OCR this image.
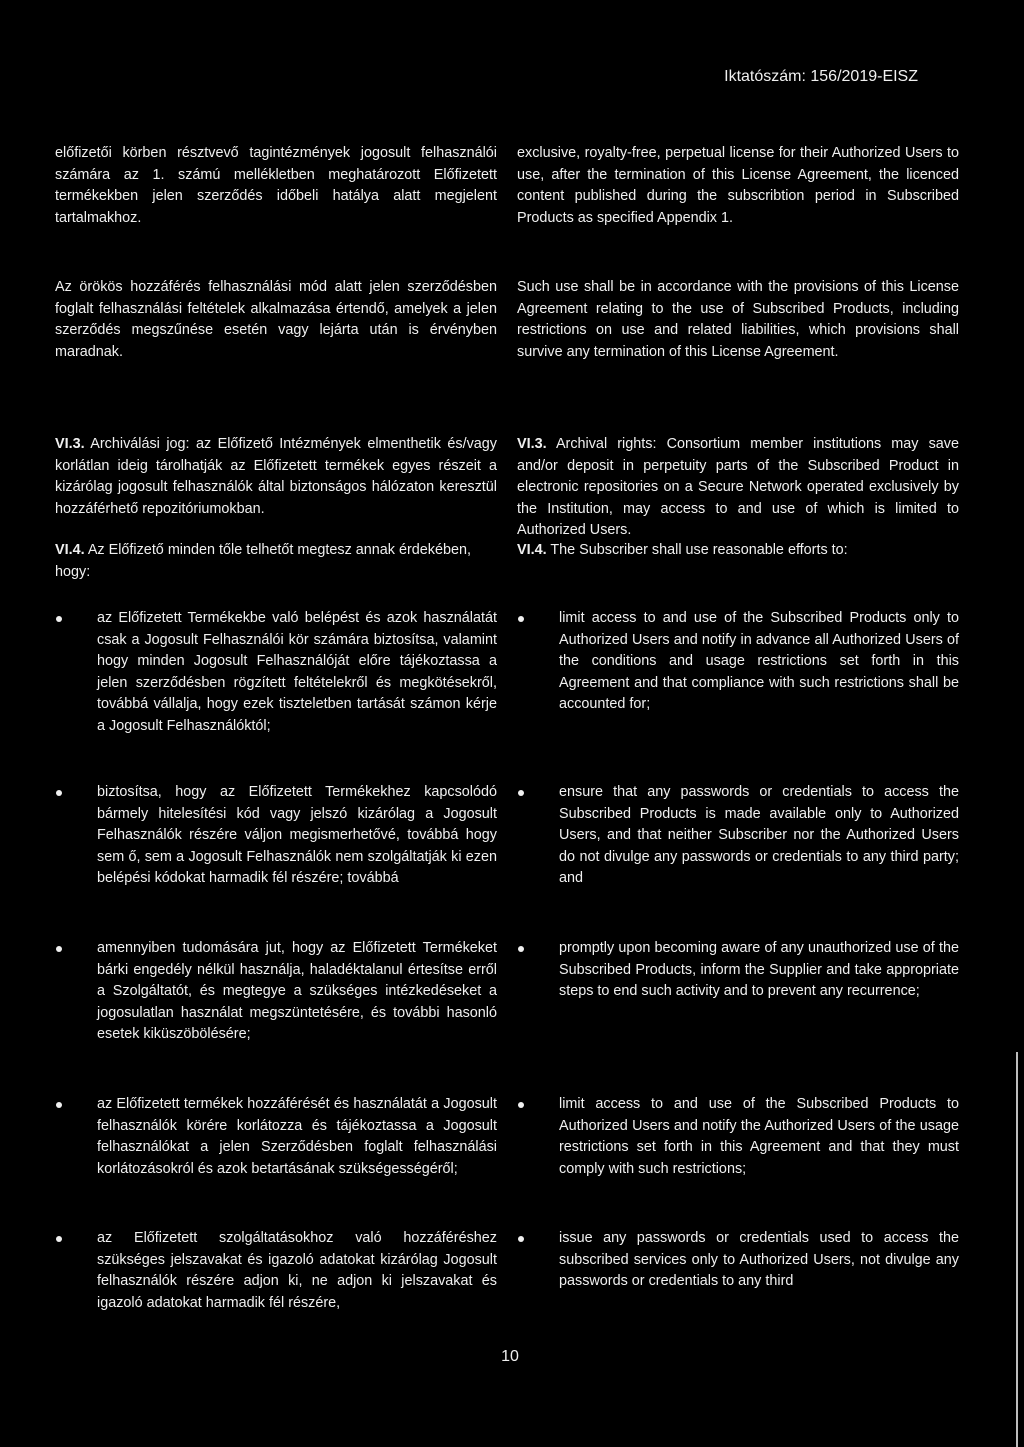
Iktatószám: 156/2019-EISZ

előfizetői körben résztvevő tagintézmények jogosult felhasználói számára az 1. számú mellékletben meghatározott Előfizetett termékekben jelen szerződés időbeli hatálya alatt megjelent tartalmakhoz.

Az örökös hozzáférés felhasználási mód alatt jelen szerződésben foglalt felhasználási feltételek alkalmazása értendő, amelyek a jelen szerződés megszűnése esetén vagy lejárta után is érvényben maradnak.

VI.3. Archiválási jog: az Előfizető Intézmények elmenthetik és/vagy korlátlan ideig tárolhatják az Előfizetett termékek egyes részeit a kizárólag jogosult felhasználók által biztonságos hálózaton keresztül hozzáférhető repozitóriumokban.

VI.4. Az Előfizető minden tőle telhetőt megtesz annak érdekében, hogy:

az Előfizetett Termékekbe való belépést és azok használatát csak a Jogosult Felhasználói kör számára biztosítsa, valamint hogy minden Jogosult Felhasználóját előre tájékoztassa a jelen szerződésben rögzített feltételekről és megkötésekről, továbbá vállalja, hogy ezek tiszteletben tartását számon kérje a Jogosult Felhasználóktól;

biztosítsa, hogy az Előfizetett Termékekhez kapcsolódó bármely hitelesítési kód vagy jelszó kizárólag a Jogosult Felhasználók részére váljon megismerhetővé, továbbá hogy sem ő, sem a Jogosult Felhasználók nem szolgáltatják ki ezen belépési kódokat harmadik fél részére; továbbá

amennyiben tudomására jut, hogy az Előfizetett Termékeket bárki engedély nélkül használja, haladéktalanul értesítse erről a Szolgáltatót, és megtegye a szükséges intézkedéseket a jogosulatlan használat megszüntetésére, és további hasonló esetek kiküszöbölésére;

az Előfizetett termékek hozzáférését és használatát a Jogosult felhasználók körére korlátozza és tájékoztassa a Jogosult felhasználókat a jelen Szerződésben foglalt felhasználási korlátozásokról és azok betartásának szükségességéről;

az Előfizetett szolgáltatásokhoz való hozzáféréshez szükséges jelszavakat és igazoló adatokat kizárólag Jogosult felhasználók részére adjon ki, ne adjon ki jelszavakat és igazoló adatokat harmadik fél részére,

exclusive, royalty-free, perpetual license for their Authorized Users to use, after the termination of this License Agreement, the licenced content published during the subscribtion period in Subscribed Products as specified Appendix 1.

Such use shall be in accordance with the provisions of this License Agreement relating to the use of Subscribed Products, including restrictions on use and related liabilities, which provisions shall survive any termination of this License Agreement.

VI.3. Archival rights: Consortium member institutions may save and/or deposit in perpetuity parts of the Subscribed Product in electronic repositories on a Secure Network operated exclusively by the Institution, may access to and use of which is limited to Authorized Users.

VI.4. The Subscriber shall use reasonable efforts to:

limit access to and use of the Subscribed Products only to Authorized Users and notify in advance all Authorized Users of the conditions and usage restrictions set forth in this Agreement and that compliance with such restrictions shall be accounted for;

ensure that any passwords or credentials to access the Subscribed Products is made available only to Authorized Users, and that neither Subscriber nor the Authorized Users do not divulge any passwords or credentials to any third party; and

promptly upon becoming aware of any unauthorized use of the Subscribed Products, inform the Supplier and take appropriate steps to end such activity and to prevent any recurrence;

limit access to and use of the Subscribed Products to Authorized Users and notify the Authorized Users of the usage restrictions set forth in this Agreement and that they must comply with such restrictions;

issue any passwords or credentials used to access the subscribed services only to Authorized Users, not divulge any passwords or credentials to any third

10
